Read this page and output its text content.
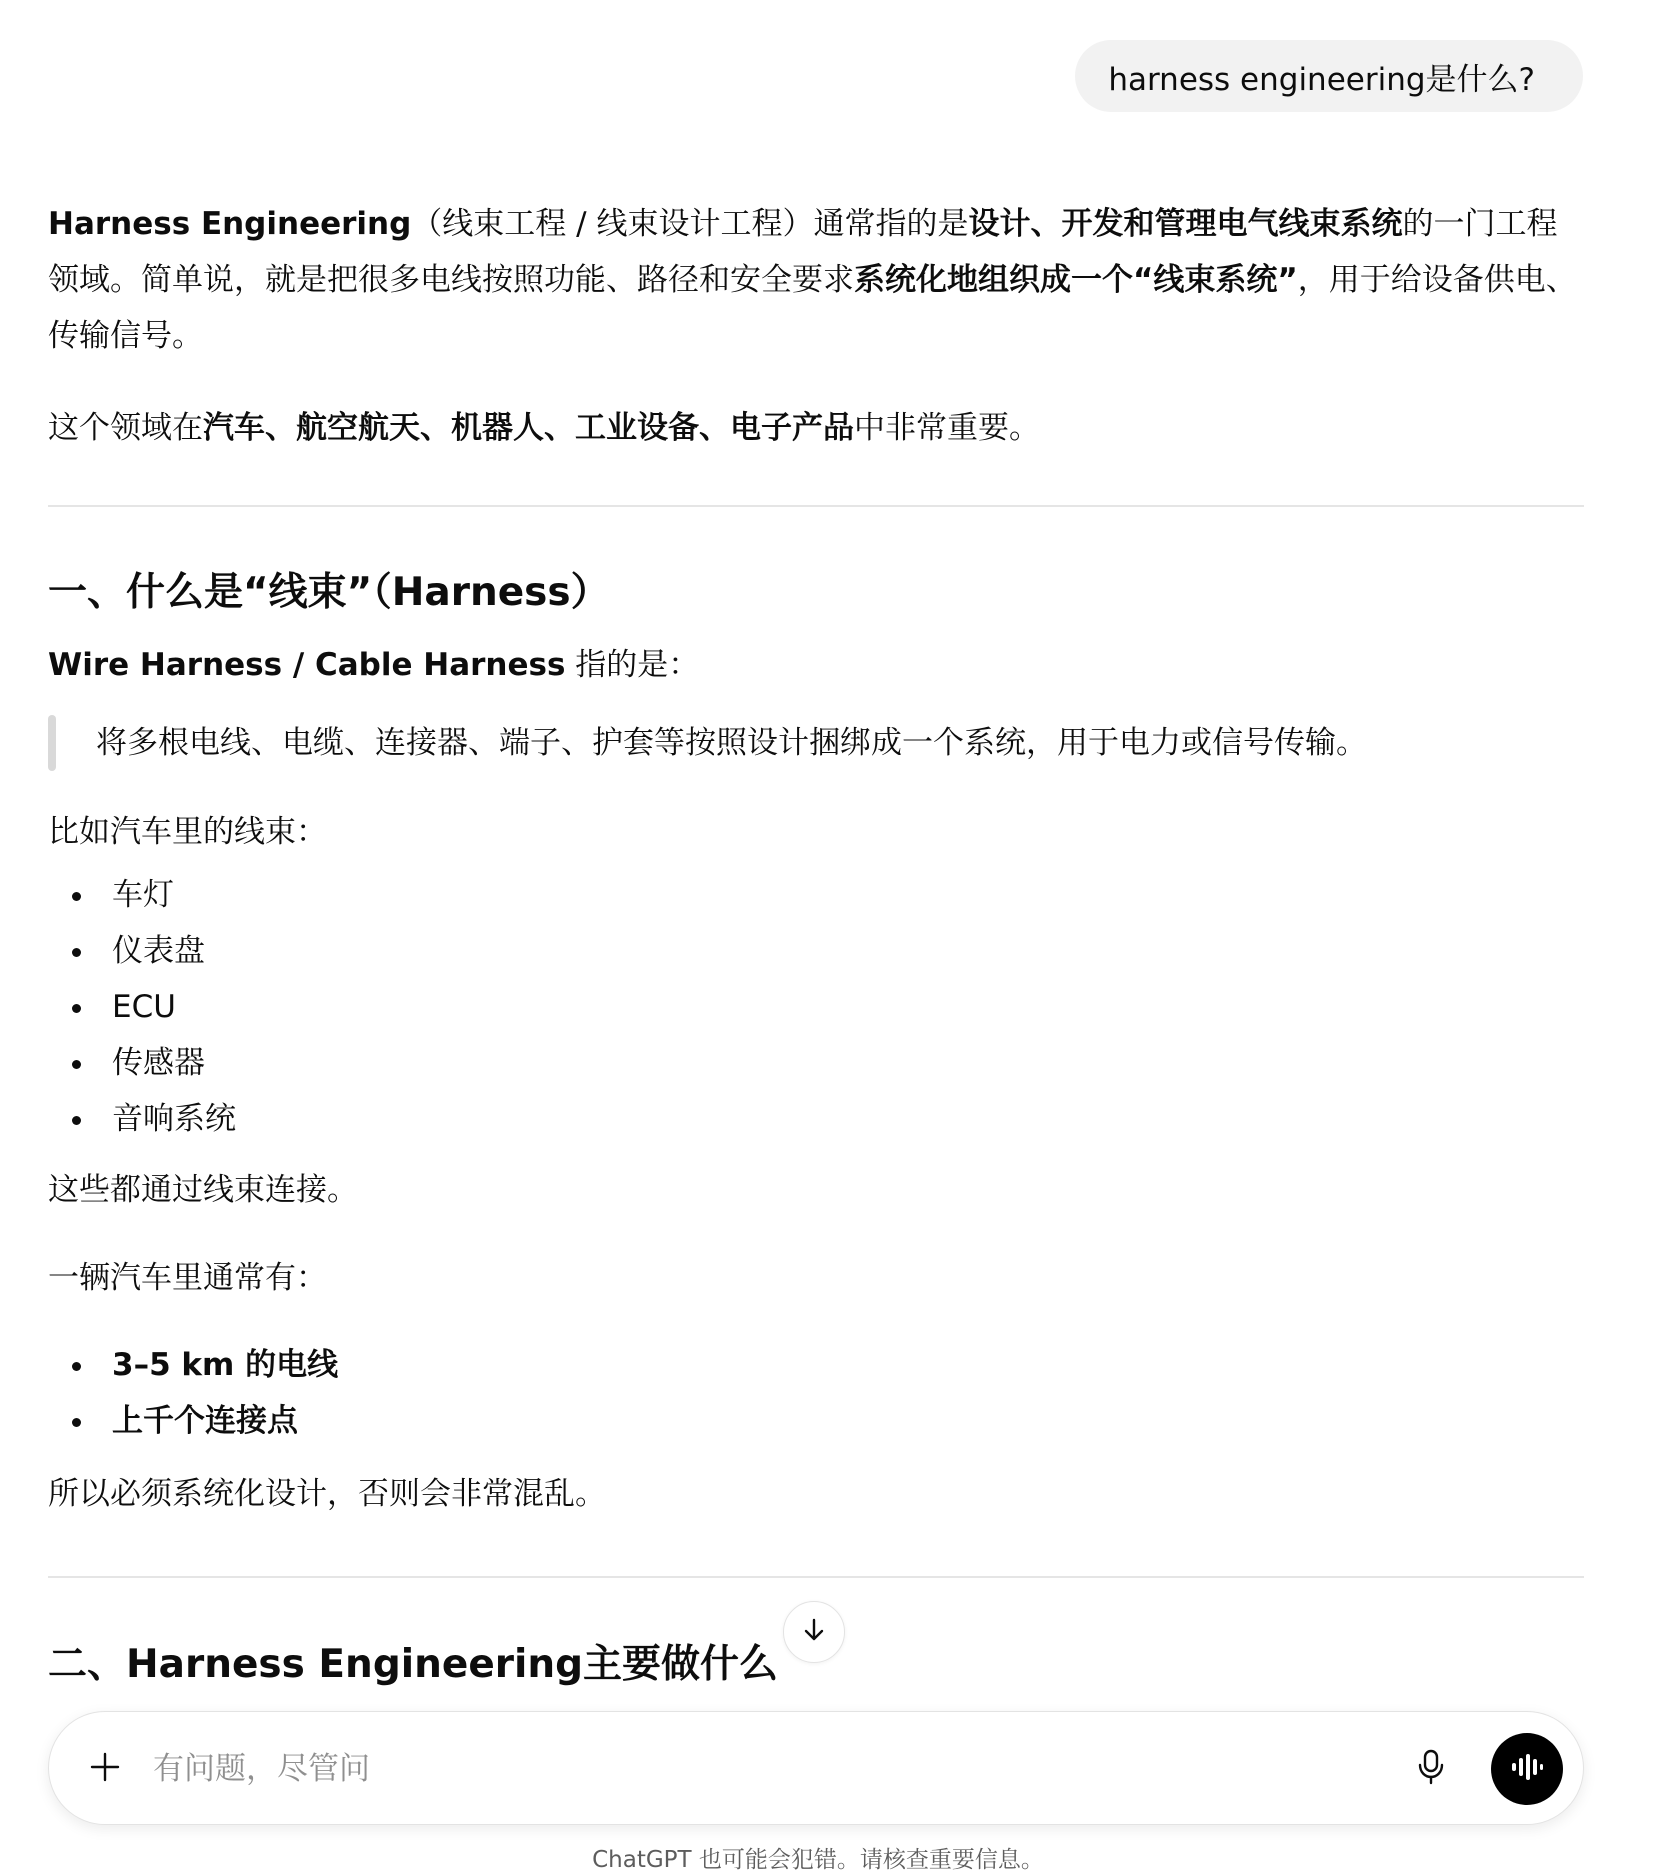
harness engineering是什么?

Harness Engineering（线束工程 / 线束设计工程）通常指的是设计、开发和管理电气线束系统的一门工程领域。简单说，就是把很多电线按照功能、路径和安全要求系统化地组织成一个“线束系统”，用于给设备供电、传输信号。

这个领域在汽车、航空航天、机器人、工业设备、电子产品中非常重要。

一、什么是“线束”（Harness）
Wire Harness / Cable Harness 指的是：
将多根电线、电缆、连接器、端子、护套等按照设计捆绑成一个系统，用于电力或信号传输。
比如汽车里的线束：
车灯
仪表盘
ECU
传感器
音响系统
这些都通过线束连接。
一辆汽车里通常有：
3–5 km 的电线
上千个连接点
所以必须系统化设计，否则会非常混乱。
二、Harness Engineering主要做什么
有问题，尽管问
ChatGPT 也可能会犯错。请核查重要信息。
